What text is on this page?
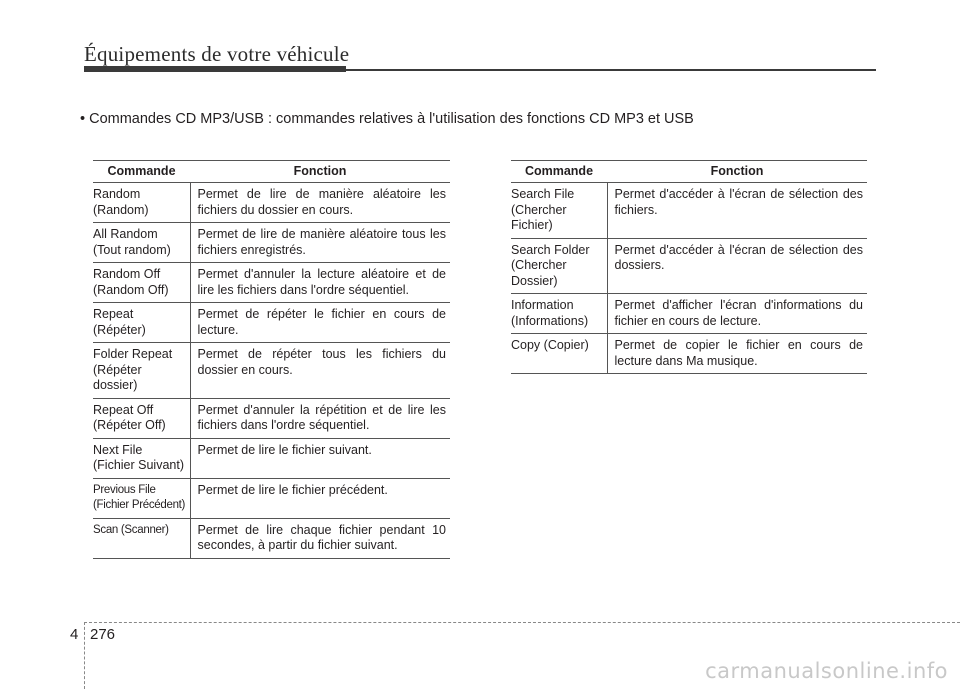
Équipements de votre véhicule
• Commandes CD MP3/USB : commandes relatives à l'utilisation des fonctions CD MP3 et USB
Commande	Fonction
Random
(Random)	Permet de lire de manière aléatoire les fichiers du dossier en cours.
All Random
(Tout random)	Permet de lire de manière aléatoire tous les fichiers enregistrés.
Random Off
(Random Off)	Permet d'annuler la lecture aléatoire et de lire les fichiers dans l'ordre séquentiel.
Repeat (Répéter)	Permet de répéter le fichier en cours de lecture.
Folder Repeat
(Répéter dossier)	Permet de répéter tous les fichiers du dossier en cours.
Repeat Off
(Répéter Off)	Permet d'annuler la répétition et de lire les fichiers dans l'ordre séquentiel.
Next File
(Fichier Suivant)	Permet de lire le fichier suivant.
Previous File
(Fichier Précédent)	Permet de lire le fichier précédent.
Scan (Scanner)	Permet de lire chaque fichier pendant 10 secondes, à partir du fichier suivant.
Commande	Fonction
Search File
(Chercher
Fichier)	Permet d'accéder à l'écran de sélection des fichiers.
Search Folder
(Chercher
Dossier)	Permet d'accéder à l'écran de sélection des dossiers.
Information
(Informations)	Permet d'afficher l'écran d'informations du fichier en cours de lecture.
Copy (Copier)	Permet de copier le fichier en cours de lecture dans Ma musique.
4 276
carmanualsonline.info
